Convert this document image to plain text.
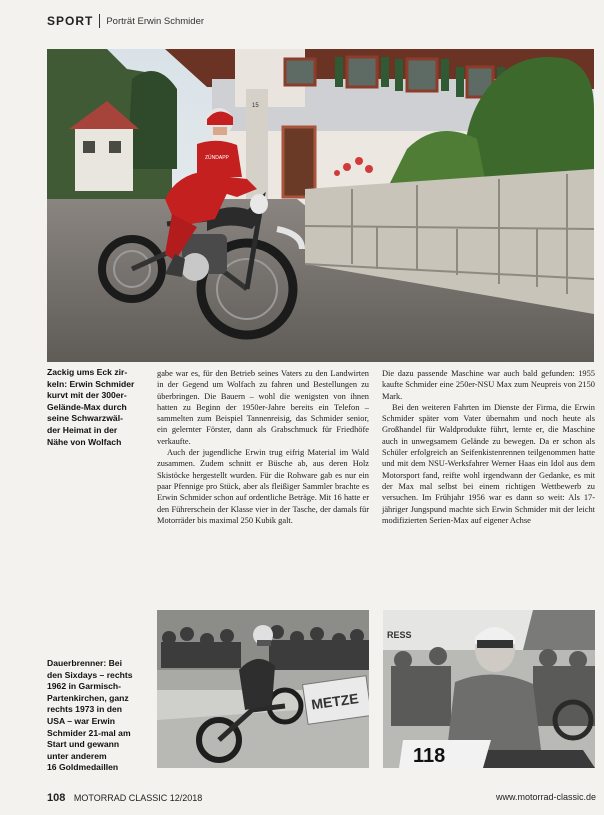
SPORT Porträt Erwin Schmider
15
ZÜNDAPP
Zackig ums Eck zir-
keln: Erwin Schmider
kurvt mit der 300er-
Gelände-Max durch
seine Schwarzwäl-
der Heimat in der
Nähe von Wolfach

gabe war es, für den Betrieb seines Vaters zu den Landwirten in der Gegend um Wolfach zu fahren und Bestellungen zu überbringen. Die Bauern – wohl die wenigsten von ihnen hatten zu Beginn der 1950er-Jahre bereits ein Telefon – sammelten zum Beispiel Tannenreisig, das Schmider senior, ein gelernter Förster, dann als Grabschmuck für Friedhöfe verkaufte.

Auch der jugendliche Erwin trug eifrig Material im Wald zusammen. Zudem schnitt er Büsche ab, aus deren Holz Skistöcke hergestellt wurden. Für die Rohware gab es nur ein paar Pfennige pro Stück, aber als fleißiger Sammler brachte es Erwin Schmider schon auf ordentliche Beträge. Mit 16 hatte er den Führerschein der Klasse vier in der Tasche, der damals für Motorräder bis maximal 250 Kubik galt.

Die dazu passende Maschine war auch bald gefunden: 1955 kaufte Schmider eine 250er-NSU Max zum Neupreis von 2150 Mark.

Bei den weiteren Fahrten im Dienste der Firma, die Erwin Schmider später vom Vater übernahm und noch heute als Großhandel für Waldprodukte führt, lernte er, die Maschine auch in unwegsamem Gelände zu bewegen. Da er schon als Schüler erfolgreich an Seifenkistenrennen teilgenommen hatte und mit dem NSU-Werksfahrer Werner Haas ein Idol aus dem Motorsport fand, reifte wohl irgendwann der Gedanke, es mit der Max mal selbst bei einem richtigen Wettbewerb zu versuchen. Im Frühjahr 1956 war es dann so weit: Als 17-jähriger Jungspund machte sich Erwin Schmider mit der leicht modifizierten Serien-Max auf eigener Achse

METZE
RESS
118
Dauerbrenner: Bei
den Sixdays – rechts
1962 in Garmisch-
Partenkirchen, ganz
rechts 1973 in den
USA – war Erwin
Schmider 21-mal am
Start und gewann
unter anderem
16 Goldmedaillen
108 MOTORRAD CLASSIC 12/2018	www.motorrad-classic.de
